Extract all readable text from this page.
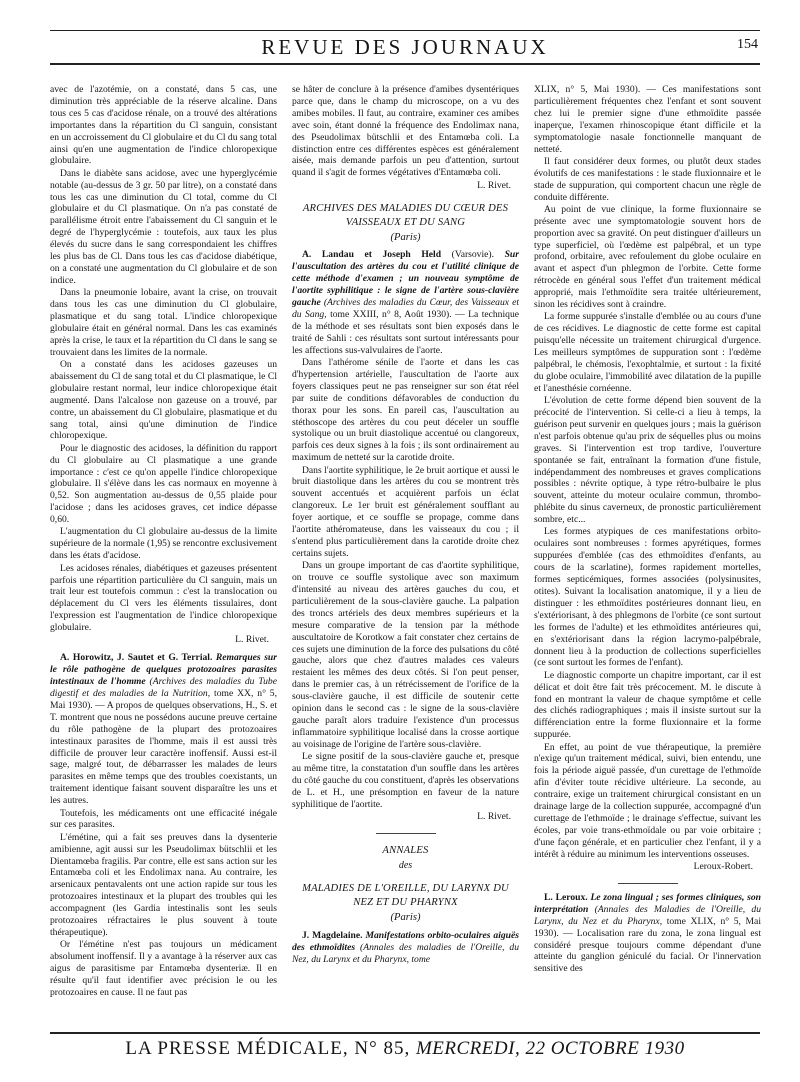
REVUE DES JOURNAUX	154

avec de l'azotémie, on a constaté, dans 5 cas, une diminution très appréciable de la réserve alcaline. Dans tous ces 5 cas d'acidose rénale, on a trouvé des altérations importantes dans la répartition du Cl sanguin, consistant en un accroissement du Cl globulaire et du Cl du sang total ainsi qu'en une augmentation de l'indice chloropexique globulaire.

Dans le diabète sans acidose, avec une hyperglycémie notable (au-dessus de 3 gr. 50 par litre), on a constaté dans tous les cas une diminution du Cl total, comme du Cl globulaire et du Cl plasmatique. On n'a pas constaté de parallélisme étroit entre l'abaissement du Cl sanguin et le degré de l'hyperglycémie : toutefois, aux taux les plus élevés du sucre dans le sang correspondaient les chiffres les plus bas de Cl. Dans tous les cas d'acidose diabétique, on a constaté une augmentation du Cl globulaire et de son indice.

Dans la pneumonie lobaire, avant la crise, on trouvait dans tous les cas une diminution du Cl globulaire, plasmatique et du sang total. L'indice chloropexique globulaire était en général normal. Dans les cas examinés après la crise, le taux et la répartition du Cl dans le sang se trouvaient dans les limites de la normale.

On a constaté dans les acidoses gazeuses un abaissement du Cl de sang total et du Cl plasmatique, le Cl globulaire restant normal, leur indice chloropexique était augmenté. Dans l'alcalose non gazeuse on a trouvé, par contre, un abaissement du Cl globulaire, plasmatique et du sang total, ainsi qu'une diminution de l'indice chloropexique.

Pour le diagnostic des acidoses, la définition du rapport du Cl globulaire au Cl plasmatique a une grande importance : c'est ce qu'on appelle l'indice chloropexique globulaire. Il s'élève dans les cas normaux en moyenne à 0,52. Son augmentation au-dessus de 0,55 plaide pour l'acidose ; dans les acidoses graves, cet indice dépasse 0,60.

L'augmentation du Cl globulaire au-dessus de la limite supérieure de la normale (1,95) se rencontre exclusivement dans les états d'acidose.

Les acidoses rénales, diabétiques et gazeuses présentent parfois une répartition particulière du Cl sanguin, mais un trait leur est toutefois commun : c'est la translocation ou déplacement du Cl vers les éléments tissulaires, dont l'expression est l'augmentation de l'indice chloropexique globulaire.

L. Rivet.

A. Horowitz, J. Sautet et G. Terrial. Remarques sur le rôle pathogène de quelques protozoaires parasites intestinaux de l'homme (Archives des maladies du Tube digestif et des maladies de la Nutrition, tome XX, n° 5, Mai 1930). — A propos de quelques observations, H., S. et T. montrent que nous ne possédons aucune preuve certaine du rôle pathogène de la plupart des protozoaires intestinaux parasites de l'homme, mais il est aussi très difficile de prouver leur caractère inoffensif. Aussi est-il sage, malgré tout, de débarrasser les malades de leurs parasites en même temps que des troubles coexistants, un traitement identique faisant souvent disparaître les uns et les autres.

Toutefois, les médicaments ont une efficacité inégale sur ces parasites.

L'émétine, qui a fait ses preuves dans la dysenterie amibienne, agit aussi sur les Pseudolimax bütschlii et les Dientamœba fragilis. Par contre, elle est sans action sur les Entamœba coli et les Endolimax nana. Au contraire, les arsenicaux pentavalents ont une action rapide sur tous les protozoaires intestinaux et la plupart des troubles qui les accompagnent (les Gardia intestinalis sont les seuls protozoaires réfractaires le plus souvent à toute thérapeutique).

Or l'émétine n'est pas toujours un médicament absolument inoffensif. Il y a avantage à la réserver aux cas aigus de parasitisme par Entamœba dysenteriæ. Il en résulte qu'il faut identifier avec précision le ou les protozoaires en cause. Il ne faut pas

se hâter de conclure à la présence d'amibes dysentériques parce que, dans le champ du microscope, on a vu des amibes mobiles. Il faut, au contraire, examiner ces amibes avec soin, étant donné la fréquence des Endolimax nana, des Pseudolimax bütschlii et des Entamœba coli. La distinction entre ces différentes espèces est généralement aisée, mais demande parfois un peu d'attention, surtout quand il s'agit de formes végétatives d'Entamœba coli.

L. Rivet.

ARCHIVES DES MALADIES DU CŒUR DES VAISSEAUX ET DU SANG
(Paris)

A. Landau et Joseph Held (Varsovie). Sur l'auscultation des artères du cou et l'utilité clinique de cette méthode d'examen ; un nouveau symptôme de l'aortite syphilitique : le signe de l'artère sous-clavière gauche (Archives des maladies du Cœur, des Vaisseaux et du Sang, tome XXIII, n° 8, Août 1930). — La technique de la méthode et ses résultats sont bien exposés dans le traité de Sahli : ces résultats sont surtout intéressants pour les affections sus-valvulaires de l'aorte.

Dans l'athérome sénile de l'aorte et dans les cas d'hypertension artérielle, l'auscultation de l'aorte aux foyers classiques peut ne pas renseigner sur son état réel par suite de conditions défavorables de conduction du thorax pour les sons. En pareil cas, l'auscultation au stéthoscope des artères du cou peut déceler un souffle systolique ou un bruit diastolique accentué ou clangoreux, parfois ces deux signes à la fois ; ils sont ordinairement au maximum de netteté sur la carotide droite.

Dans l'aortite syphilitique, le 2e bruit aortique et aussi le bruit diastolique dans les artères du cou se montrent très souvent accentués et acquièrent parfois un éclat clangoreux. Le 1er bruit est généralement soufflant au foyer aortique, et ce souffle se propage, comme dans l'aortite athéromateuse, dans les vaisseaux du cou ; il s'entend plus particulièrement dans la carotide droite chez certains sujets.

Dans un groupe important de cas d'aortite syphilitique, on trouve ce souffle systolique avec son maximum d'intensité au niveau des artères gauches du cou, et particulièrement de la sous-clavière gauche. La palpation des troncs artériels des deux membres supérieurs et la mesure comparative de la tension par la méthode auscultatoire de Korotkow a fait constater chez certains de ces sujets une diminution de la force des pulsations du côté gauche, alors que chez d'autres malades ces valeurs restaient les mêmes des deux côtés. Si l'on peut penser, dans le premier cas, à un rétrécissement de l'orifice de la sous-clavière gauche, il est difficile de soutenir cette opinion dans le second cas : le signe de la sous-clavière gauche paraît alors traduire l'existence d'un processus inflammatoire syphilitique localisé dans la crosse aortique au voisinage de l'origine de l'artère sous-clavière.

Le signe positif de la sous-clavière gauche et, presque au même titre, la constatation d'un souffle dans les artères du côté gauche du cou constituent, d'après les observations de L. et H., une présomption en faveur de la nature syphilitique de l'aortite.

L. Rivet.

ANNALES
des
MALADIES DE L'OREILLE, DU LARYNX DU NEZ ET DU PHARYNX
(Paris)

J. Magdelaine. Manifestations orbito-oculaires aiguës des ethmoïdites (Annales des maladies de l'Oreille, du Nez, du Larynx et du Pharynx, tome

XLIX, n° 5, Mai 1930). — Ces manifestations sont particulièrement fréquentes chez l'enfant et sont souvent chez lui le premier signe d'une ethmoïdite passée inaperçue, l'examen rhinoscopique étant difficile et la symptomatologie nasale fonctionnelle manquant de netteté.

Il faut considérer deux formes, ou plutôt deux stades évolutifs de ces manifestations : le stade fluxionnaire et le stade de suppuration, qui comportent chacun une règle de conduite différente.

Au point de vue clinique, la forme fluxionnaire se présente avec une symptomatologie souvent hors de proportion avec sa gravité. On peut distinguer d'ailleurs un type superficiel, où l'œdème est palpébral, et un type profond, orbitaire, avec refoulement du globe oculaire en avant et aspect d'un phlegmon de l'orbite. Cette forme rétrocède en général sous l'effet d'un traitement médical approprié, mais l'ethmoïdite sera traitée ultérieurement, sinon les récidives sont à craindre.

La forme suppurée s'installe d'emblée ou au cours d'une de ces récidives. Le diagnostic de cette forme est capital puisqu'elle nécessite un traitement chirurgical d'urgence. Les meilleurs symptômes de suppuration sont : l'œdème palpébral, le chémosis, l'exophtalmie, et surtout : la fixité du globe oculaire, l'immobilité avec dilatation de la pupille et l'anesthésie cornéenne.

L'évolution de cette forme dépend bien souvent de la précocité de l'intervention. Si celle-ci a lieu à temps, la guérison peut survenir en quelques jours ; mais la guérison n'est parfois obtenue qu'au prix de séquelles plus ou moins graves. Si l'intervention est trop tardive, l'ouverture spontanée se fait, entraînant la formation d'une fistule, indépendamment des nombreuses et graves complications possibles : névrite optique, à type rétro-bulbaire le plus souvent, atteinte du moteur oculaire commun, thrombo-phlébite du sinus caverneux, de pronostic particulièrement sombre, etc...

Les formes atypiques de ces manifestations orbito-oculaires sont nombreuses : formes apyrétiques, formes suppurées d'emblée (cas des ethmoïdites d'enfants, au cours de la scarlatine), formes rapidement mortelles, formes septicémiques, formes associées (polysinusites, otites). Suivant la localisation anatomique, il y a lieu de distinguer : les ethmoïdites postérieures donnant lieu, en s'extériorisant, à des phlegmons de l'orbite (ce sont surtout les formes de l'adulte) et les ethmoïdites antérieures qui, en s'extériorisant dans la région lacrymo-palpébrale, donnent lieu à la production de collections superficielles (ce sont surtout les formes de l'enfant).

Le diagnostic comporte un chapitre important, car il est délicat et doit être fait très précocement. M. le discute à fond en montrant la valeur de chaque symptôme et celle des clichés radiographiques ; mais il insiste surtout sur la différenciation entre la forme fluxionnaire et la forme suppurée.

En effet, au point de vue thérapeutique, la première n'exige qu'un traitement médical, suivi, bien entendu, une fois la période aiguë passée, d'un curettage de l'ethmoïde afin d'éviter toute récidive ultérieure. La seconde, au contraire, exige un traitement chirurgical consistant en un drainage large de la collection suppurée, accompagné d'un curettage de l'ethmoïde ; le drainage s'effectue, suivant les écoles, par voie trans-ethmoïdale ou par voie orbitaire ; d'une façon générale, et en particulier chez l'enfant, il y a intérêt à réduire au minimum les interventions osseuses.

Leroux-Robert.

L. Leroux. Le zona lingual ; ses formes cliniques, son interprétation (Annales des Maladies de l'Oreille, du Larynx, du Nez et du Pharynx, tome XLIX, n° 5, Mai 1930). — Localisation rare du zona, le zona lingual est considéré presque toujours comme dépendant d'une atteinte du ganglion géniculé du facial. Or l'innervation sensitive des

LA PRESSE MÉDICALE, N° 85, MERCREDI, 22 OCTOBRE 1930
